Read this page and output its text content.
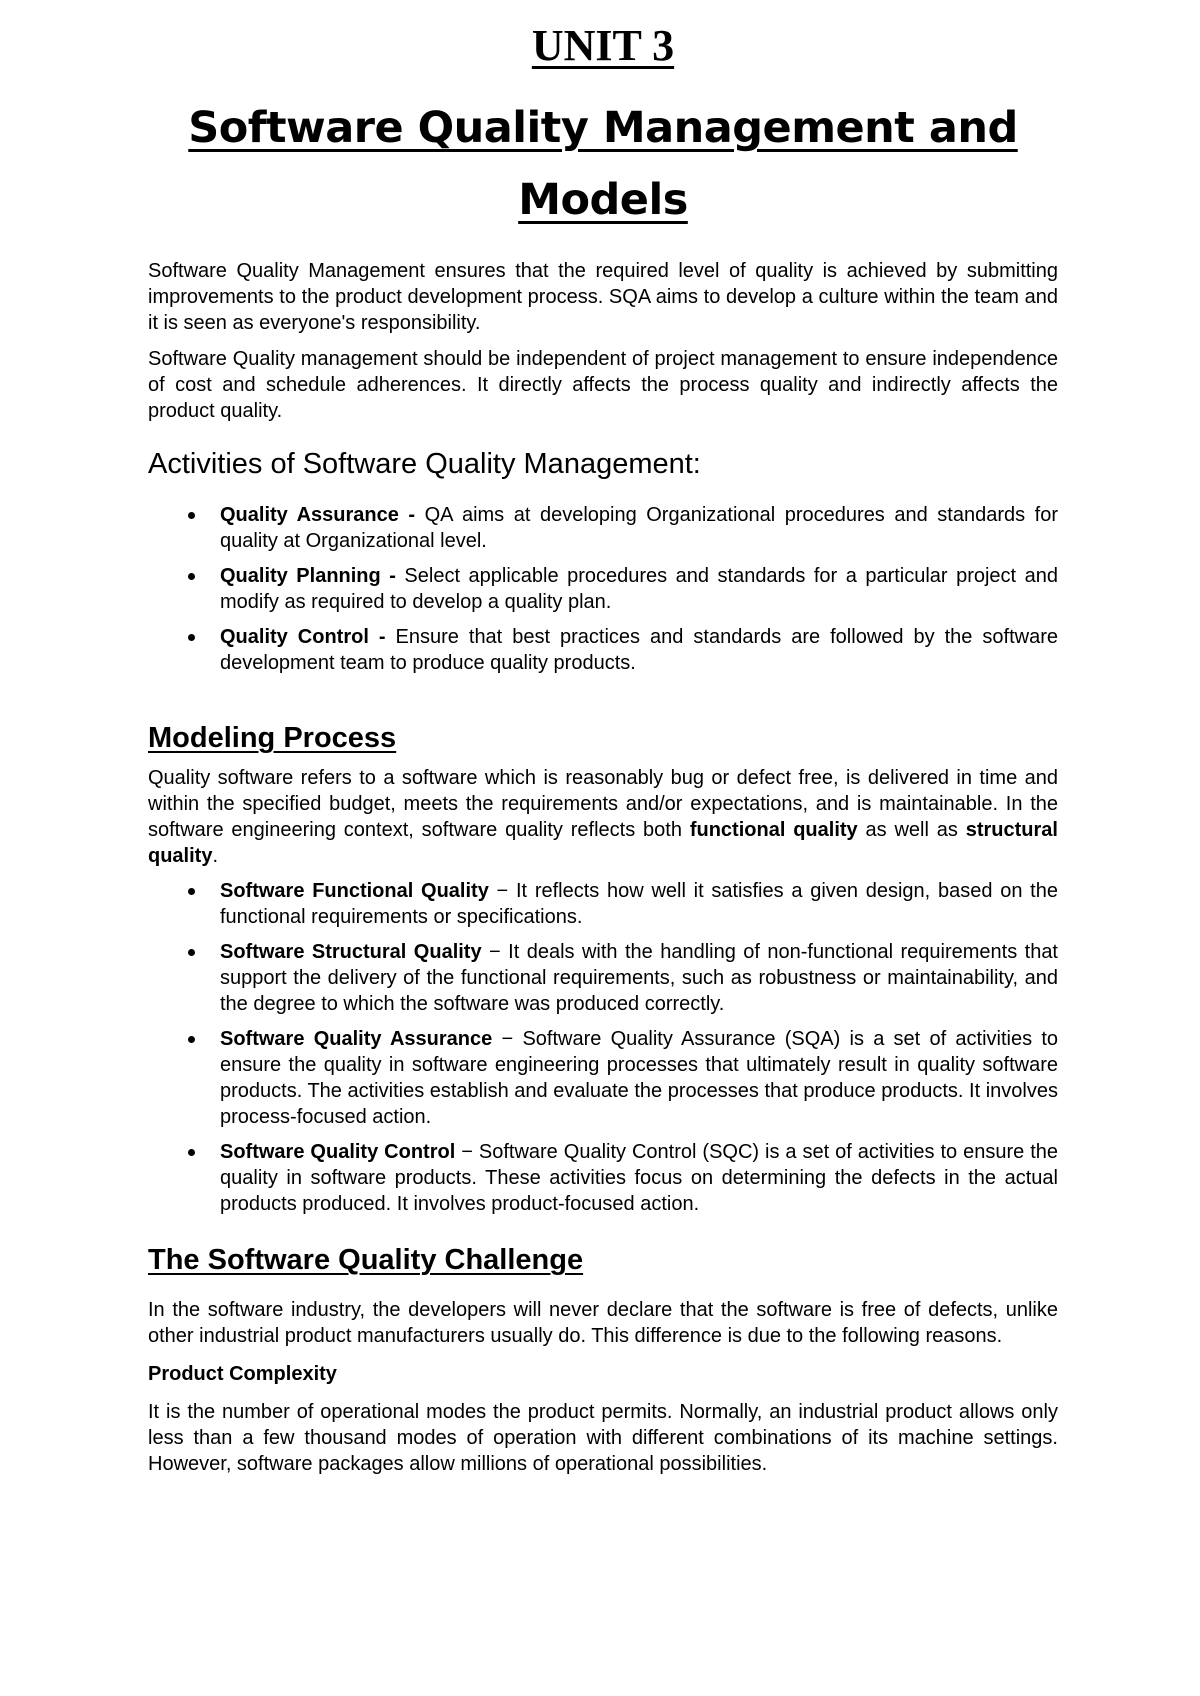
UNIT 3
Software Quality Management and Models

Software Quality Management ensures that the required level of quality is achieved by submitting improvements to the product development process. SQA aims to develop a culture within the team and it is seen as everyone's responsibility.

Software Quality management should be independent of project management to ensure independence of cost and schedule adherences. It directly affects the process quality and indirectly affects the product quality.

Activities of Software Quality Management:
Quality Assurance - QA aims at developing Organizational procedures and standards for quality at Organizational level.
Quality Planning - Select applicable procedures and standards for a particular project and modify as required to develop a quality plan.
Quality Control - Ensure that best practices and standards are followed by the software development team to produce quality products.
Modeling Process

Quality software refers to a software which is reasonably bug or defect free, is delivered in time and within the specified budget, meets the requirements and/or expectations, and is maintainable. In the software engineering context, software quality reflects both functional quality as well as structural quality.

Software Functional Quality − It reflects how well it satisfies a given design, based on the functional requirements or specifications.
Software Structural Quality − It deals with the handling of non-functional requirements that support the delivery of the functional requirements, such as robustness or maintainability, and the degree to which the software was produced correctly.
Software Quality Assurance − Software Quality Assurance (SQA) is a set of activities to ensure the quality in software engineering processes that ultimately result in quality software products. The activities establish and evaluate the processes that produce products. It involves process-focused action.
Software Quality Control − Software Quality Control (SQC) is a set of activities to ensure the quality in software products. These activities focus on determining the defects in the actual products produced. It involves product-focused action.
The Software Quality Challenge

In the software industry, the developers will never declare that the software is free of defects, unlike other industrial product manufacturers usually do. This difference is due to the following reasons.

Product Complexity

It is the number of operational modes the product permits. Normally, an industrial product allows only less than a few thousand modes of operation with different combinations of its machine settings. However, software packages allow millions of operational possibilities.
